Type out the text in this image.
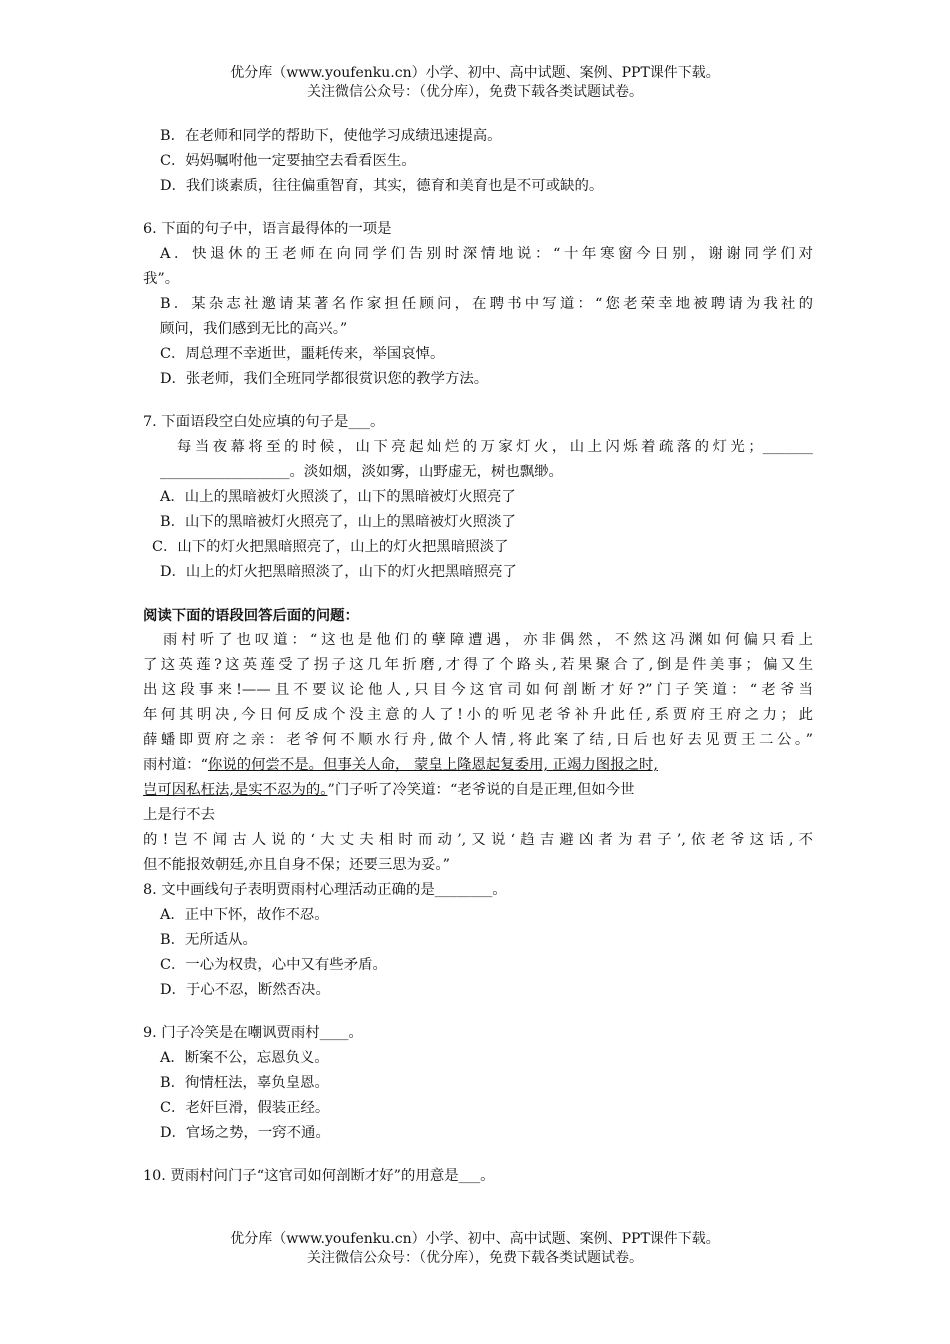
优分库（www.youfenku.cn）小学、初中、高中试题、案例、PPT课件下载。
关注微信公众号：（优分库），免费下载各类试题试卷。
B．在老师和同学的帮助下，使他学习成绩迅速提高。
C．妈妈嘱咐他一定要抽空去看看医生。
D．我们谈素质，往往偏重智育，其实，德育和美育也是不可或缺的。
6. 下面的句子中，语言最得体的一项是
A．快退休的王老师在向同学们告别时深情地说：“十年寒窗今日别，谢谢同学们对
我”。
B．某杂志社邀请某著名作家担任顾问，在聘书中写道：“您老荣幸地被聘请为我社的
顾问，我们感到无比的高兴。”
C．周总理不幸逝世，噩耗传来，举国哀悼。
D．张老师，我们全班同学都很赏识您的教学方法。
7. 下面语段空白处应填的句子是___。
每当夜幕将至的时候，山下亮起灿烂的万家灯火，山上闪烁着疏落的灯光；_______
__________________。淡如烟，淡如雾，山野虚无，树也飘缈。
A．山上的黑暗被灯火照淡了，山下的黑暗被灯火照亮了
B．山下的黑暗被灯火照亮了，山上的黑暗被灯火照淡了
C．山下的灯火把黑暗照亮了，山上的灯火把黑暗照淡了
D．山上的灯火把黑暗照淡了，山下的灯火把黑暗照亮了
阅读下面的语段回答后面的问题：
雨村听了也叹道：“这也是他们的孽障遭遇，亦非偶然，不然这冯渊如何偏只看上
了这英莲?这英莲受了拐子这几年折磨,才得了个路头,若果聚合了,倒是件美事；偏又生
出这段事来!——且不要议论他人,只目今这官司如何剖断才好?”门子笑道：“老爷当
年何其明决,今日何反成个没主意的人了!小的听见老爷补升此任,系贾府王府之力；此
薛蟠即贾府之亲：老爷何不顺水行舟,做个人情,将此案了结,日后也好去见贾王二公。”
雨村道：“你说的何尝不是。但事关人命， 蒙皇上隆恩起复委用, 正竭力图报之时,
岂可因私枉法,是实不忍为的。”门子听了冷笑道：“老爷说的自是正理,但如今世
上是行不去
的!岂不闻古人说的‘大丈夫相时而动’,又说‘趋吉避凶者为君子’,依老爷这话,不
但不能报效朝廷,亦且自身不保；还要三思为妥。”
8. 文中画线句子表明贾雨村心理活动正确的是________。
A．正中下怀，故作不忍。
B．无所适从。
C．一心为权贵，心中又有些矛盾。
D．于心不忍，断然否决。
9. 门子冷笑是在嘲讽贾雨村____。
A．断案不公，忘恩负义。
B．徇情枉法，辜负皇恩。
C．老奸巨滑，假装正经。
D．官场之势，一窍不通。
10. 贾雨村问门子“这官司如何剖断才好”的用意是___。
优分库（www.youfenku.cn）小学、初中、高中试题、案例、PPT课件下载。
关注微信公众号：（优分库），免费下载各类试题试卷。
